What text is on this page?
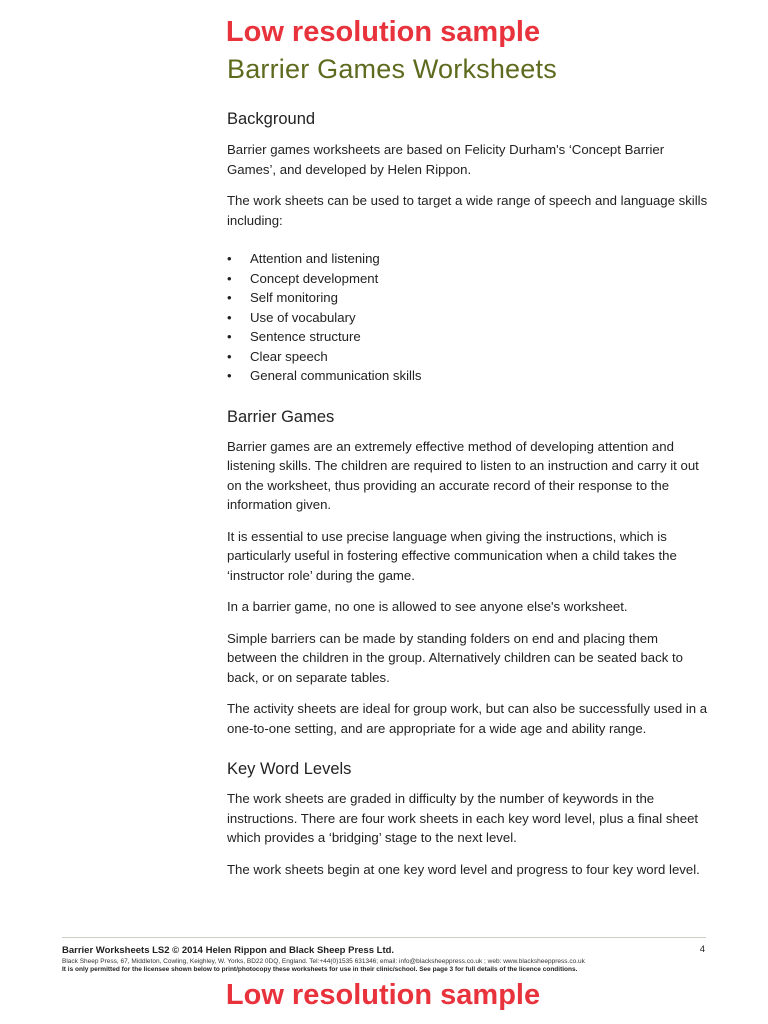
Low resolution sample
Barrier Games Worksheets
Background

Barrier games worksheets are based on Felicity Durham's ‘Concept Barrier Games’, and developed by Helen Rippon.

The work sheets can be used to target a wide range of speech and language skills including:

• Attention and listening
• Concept development
• Self monitoring
• Use of vocabulary
• Sentence structure
• Clear speech
• General communication skills
Barrier Games

Barrier games are an extremely effective method of developing attention and listening skills. The children are required to listen to an instruction and carry it out on the worksheet, thus providing an accurate record of their response to the information given.

It is essential to use precise language when giving the instructions, which is particularly useful in fostering effective communication when a child takes the ‘instructor role’ during the game.

In a barrier game, no one is allowed to see anyone else's worksheet.

Simple barriers can be made by standing folders on end and placing them between the children in the group. Alternatively children can be seated back to back, or on separate tables.

The activity sheets are ideal for group work, but can also be successfully used in a one-to-one setting, and are appropriate for a wide age and ability range.

Key Word Levels

The work sheets are graded in difficulty by the number of keywords in the instructions. There are four work sheets in each key word level, plus a final sheet which provides a ‘bridging’ stage to the next level.

The work sheets begin at one key word level and progress to four key word level.

Barrier Worksheets LS2 © 2014 Helen Rippon and Black Sheep Press Ltd.
Black Sheep Press, 67, Middleton, Cowling, Keighley, W. Yorks, BD22 0DQ, England. Tel:+44(0)1535 631346; email: info@blacksheeppress.co.uk ; web: www.blacksheeppress.co.uk
It is only permitted for the licensee shown below to print/photocopy these worksheets for use in their clinic/school. See page 3 for full details of the licence conditions.
4
Low resolution sample
